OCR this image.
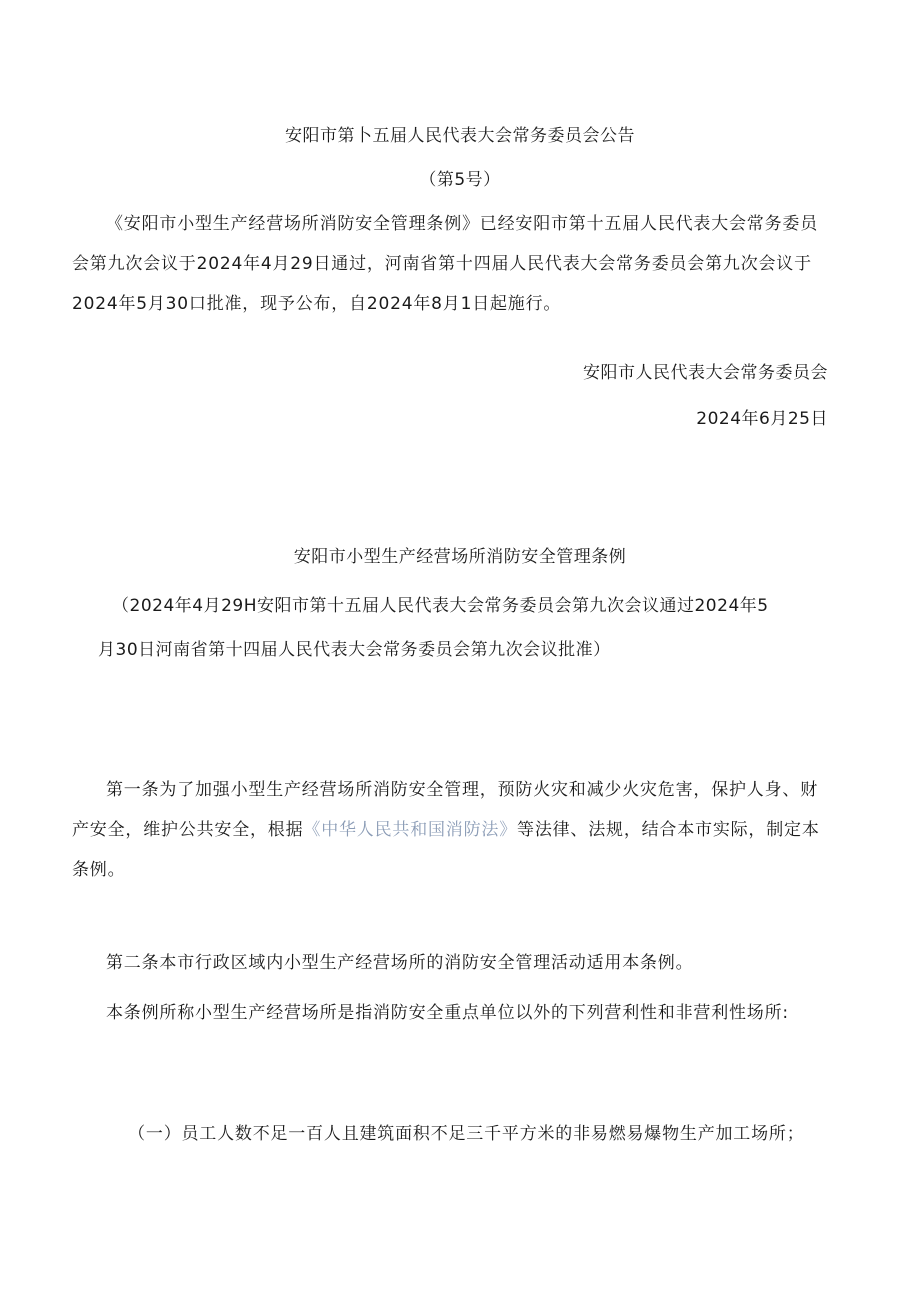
安阳市第卜五届人民代表大会常务委员会公告
（第5号）

《安阳市小型生产经营场所消防安全管理条例》已经安阳市第十五届人民代表大会常务委员会第九次会议于2024年4月29日通过，河南省第十四届人民代表大会常务委员会第九次会议于2024年5月30口批准，现予公布，自2024年8月1日起施行。

安阳市人民代表大会常务委员会
2024年6月25日
安阳市小型生产经营场所消防安全管理条例
（2024年4月29H安阳市第十五届人民代表大会常务委员会第九次会议通过2024年5
月30日河南省第十四届人民代表大会常务委员会第九次会议批准）

第一条为了加强小型生产经营场所消防安全管理，预防火灾和减少火灾危害，保护人身、财产安全，维护公共安全，根据《中华人民共和国消防法》等法律、法规，结合本市实际，制定本条例。

第二条本市行政区域内小型生产经营场所的消防安全管理活动适用本条例。

本条例所称小型生产经营场所是指消防安全重点单位以外的下列营利性和非营利性场所:

（一）员工人数不足一百人且建筑面积不足三千平方米的非易燃易爆物生产加工场所；
